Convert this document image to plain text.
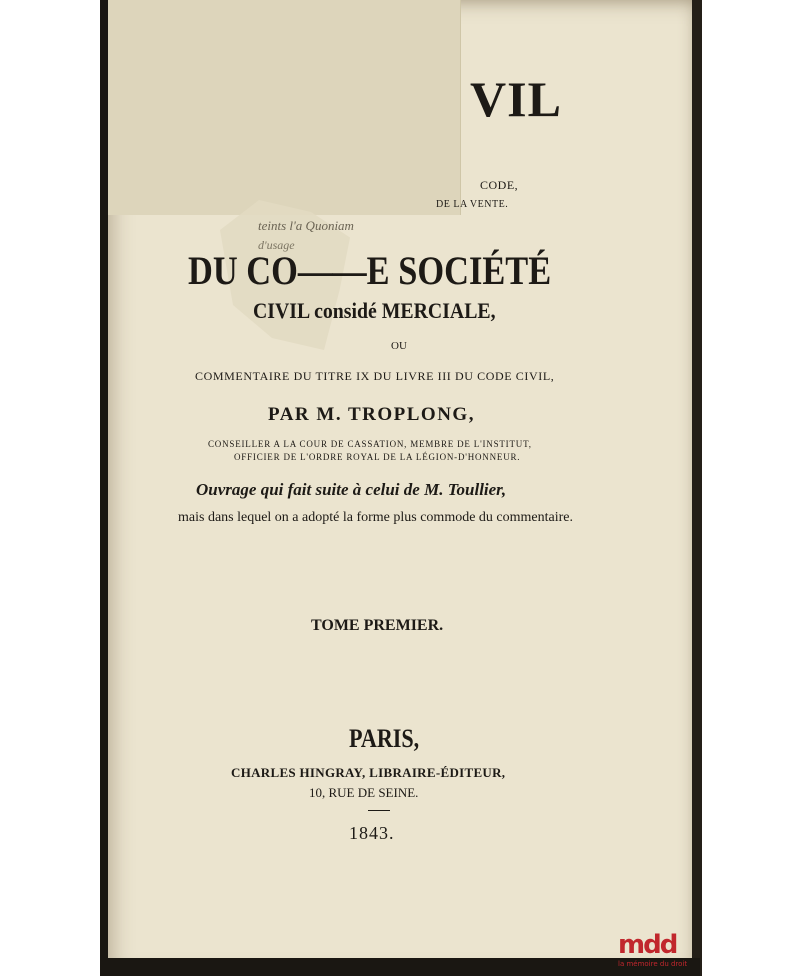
VIL
CODE,
DE LA VENTE.
teints l'a Quoniam
d'usage
DU CO——E SOCIÉTÉ
CIVIL considé MERCIALE,
OU
COMMENTAIRE DU TITRE IX DU LIVRE III DU CODE CIVIL,
PAR M. TROPLONG,
CONSEILLER A LA COUR DE CASSATION, MEMBRE DE L'INSTITUT,
OFFICIER DE L'ORDRE ROYAL DE LA LÉGION-D'HONNEUR.
Ouvrage qui fait suite à celui de M. Toullier,
mais dans lequel on a adopté la forme plus commode du commentaire.
TOME PREMIER.
PARIS,
CHARLES HINGRAY, LIBRAIRE-ÉDITEUR,
10, RUE DE SEINE.
1843.
mdd
la mémoire du droit
